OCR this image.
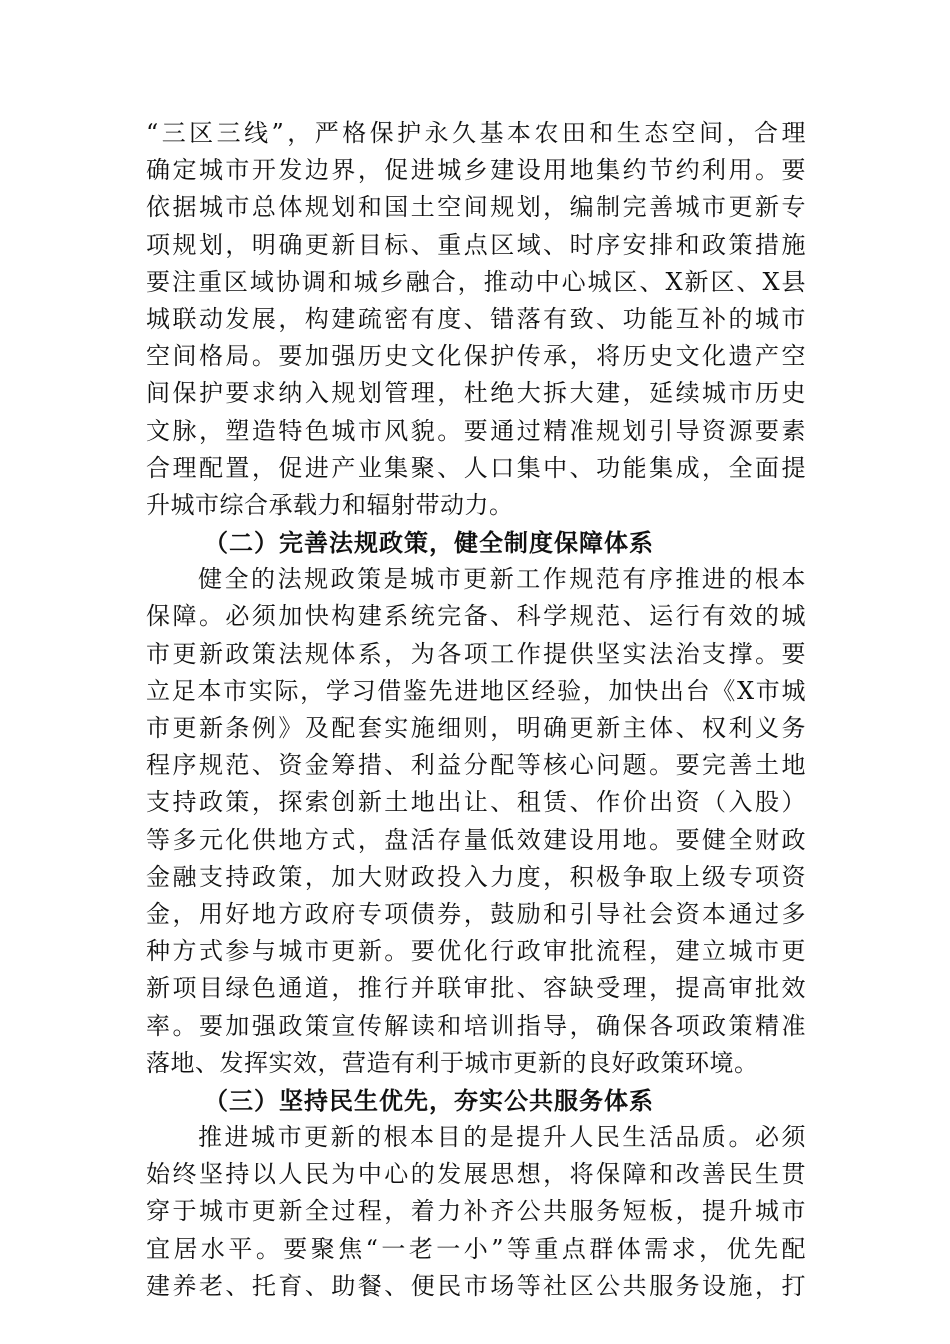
“三区三线”，严格保护永久基本农田和生态空间，合理
确定城市开发边界，促进城乡建设用地集约节约利用。要
依据城市总体规划和国土空间规划，编制完善城市更新专
项规划，明确更新目标、重点区域、时序安排和政策措施
要注重区域协调和城乡融合，推动中心城区、X新区、X县
城联动发展，构建疏密有度、错落有致、功能互补的城市
空间格局。要加强历史文化保护传承，将历史文化遗产空
间保护要求纳入规划管理，杜绝大拆大建，延续城市历史
文脉，塑造特色城市风貌。要通过精准规划引导资源要素
合理配置，促进产业集聚、人口集中、功能集成，全面提
升城市综合承载力和辐射带动力。
（二）完善法规政策，健全制度保障体系
健全的法规政策是城市更新工作规范有序推进的根本
保障。必须加快构建系统完备、科学规范、运行有效的城
市更新政策法规体系，为各项工作提供坚实法治支撑。要
立足本市实际，学习借鉴先进地区经验，加快出台《X市城
市更新条例》及配套实施细则，明确更新主体、权利义务
程序规范、资金筹措、利益分配等核心问题。要完善土地
支持政策，探索创新土地出让、租赁、作价出资（入股）
等多元化供地方式，盘活存量低效建设用地。要健全财政
金融支持政策，加大财政投入力度，积极争取上级专项资
金，用好地方政府专项债券，鼓励和引导社会资本通过多
种方式参与城市更新。要优化行政审批流程，建立城市更
新项目绿色通道，推行并联审批、容缺受理，提高审批效
率。要加强政策宣传解读和培训指导，确保各项政策精准
落地、发挥实效，营造有利于城市更新的良好政策环境。
（三）坚持民生优先，夯实公共服务体系
推进城市更新的根本目的是提升人民生活品质。必须
始终坚持以人民为中心的发展思想，将保障和改善民生贯
穿于城市更新全过程，着力补齐公共服务短板，提升城市
宜居水平。要聚焦“一老一小”等重点群体需求，优先配
建养老、托育、助餐、便民市场等社区公共服务设施，打
